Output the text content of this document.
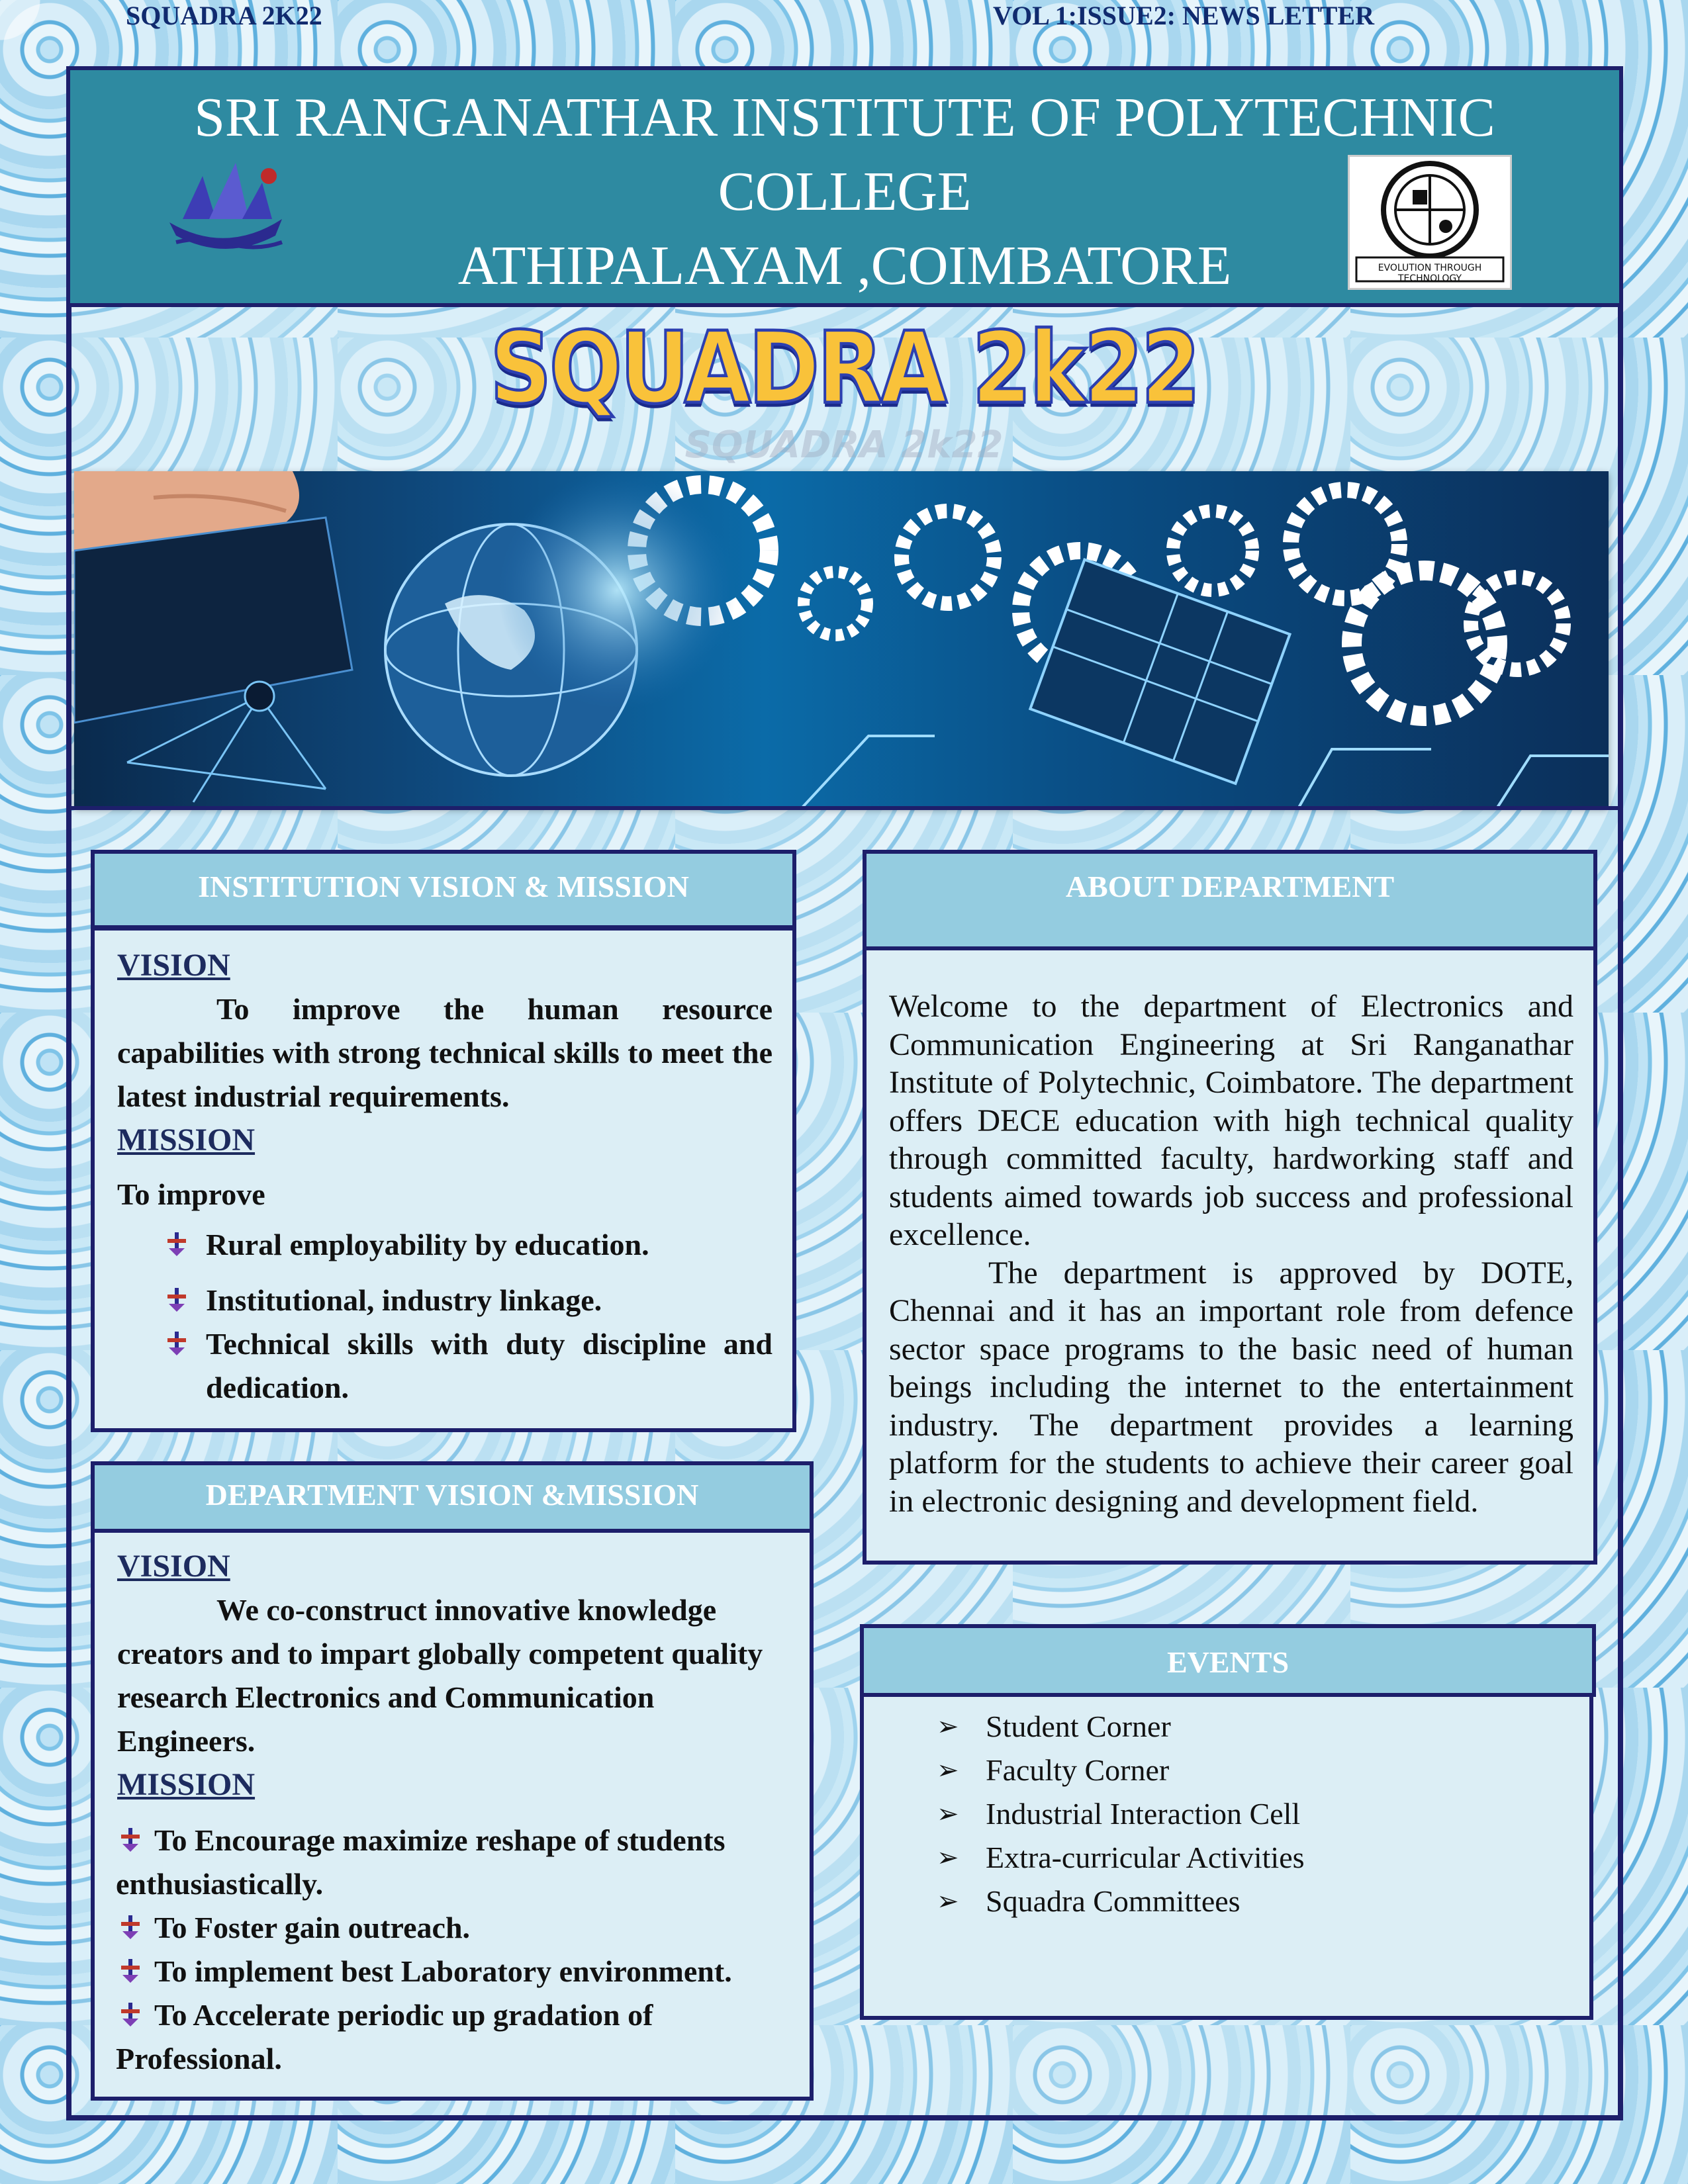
SQUADRA 2K22	VOL 1:ISSUE2: NEWS LETTER
SRI RANGANATHAR INSTITUTE OF POLYTECHNIC
COLLEGE
ATHIPALAYAM ,COIMBATORE	EVOLUTION THROUGH TECHNOLOGY
SQUADRA 2k22
SQUADRA 2k22
INSTITUTION VISION & MISSION
VISION
To improve the human resource capabilities with strong technical skills to meet the latest industrial requirements.
MISSION
To improve
Rural employability by education.
Institutional, industry linkage.
Technical skills with duty discipline and dedication.
DEPARTMENT VISION &MISSION
VISION
We co-construct innovative knowledge creators and to impart globally competent quality research Electronics and Communication Engineers.
MISSION
To Encourage maximize reshape of students enthusiastically.
To Foster gain outreach.
To implement best Laboratory environment.
To Accelerate periodic up gradation of Professional.
ABOUT DEPARTMENT
Welcome to the department of Electronics and Communication Engineering at Sri Ranganathar Institute of Polytechnic, Coimbatore. The department offers DECE education with high technical quality through committed faculty, hardworking staff and students aimed towards job success and professional excellence.
The department is approved by DOTE, Chennai and it has an important role from defence sector space programs to the basic need of human beings including the internet to the entertainment industry. The department provides a learning platform for the students to achieve their career goal in electronic designing and development field.
EVENTS
➢ Student Corner
➢ Faculty Corner
➢ Industrial Interaction Cell
➢ Extra-curricular Activities
➢ Squadra Committees
